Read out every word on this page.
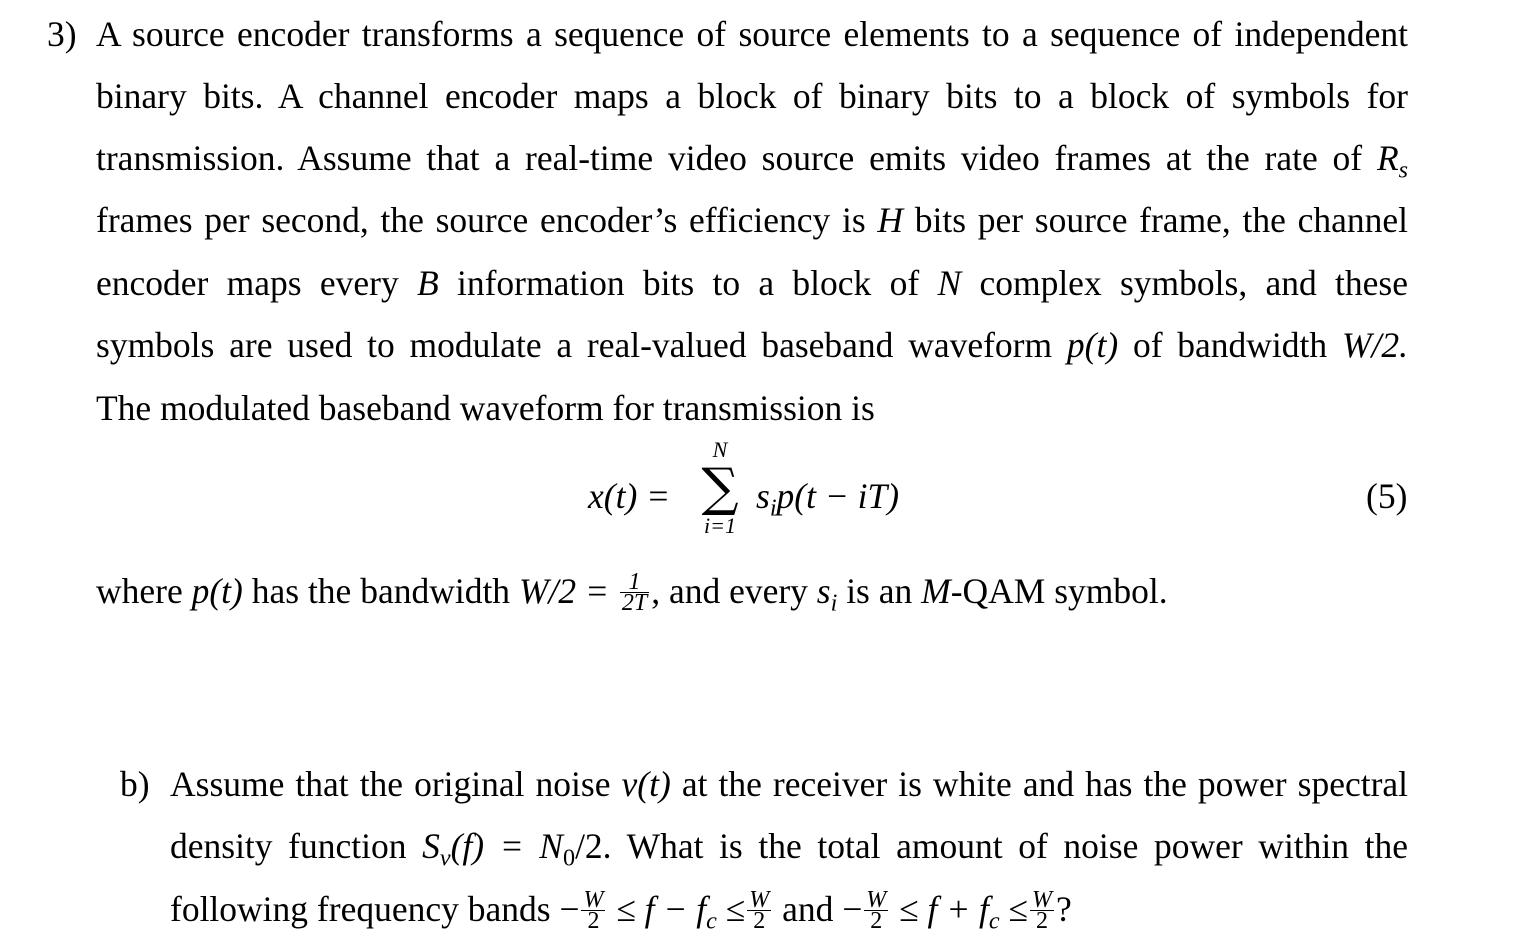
3) A source encoder transforms a sequence of source elements to a sequence of independent
binary bits. A channel encoder maps a block of binary bits to a block of symbols for
transmission. Assume that a real-time video source emits video frames at the rate of $R_s$
frames per second, the source encoder’s efficiency is H bits per source frame, the channel
encoder maps every B information bits to a block of N complex symbols, and these
symbols are used to modulate a real-valued baseband waveform p(t) of bandwidth W/2.
The modulated baseband waveform for transmission is
x(t) =
N
∑
i=1
$s_ip(t - iT)$	(5)
where p(t) has the bandwidth $W/2 = \frac{1}{2T}$ , and every $s_i$ is an M-QAM symbol.
b) Assume that the original noise v(t) at the receiver is white and has the power spectral
density function $S_v(f) = N_0/2$. What is the total amount of noise power within the
following frequency bands − $\frac{W}{2} \le f - f_c \le \frac{W}{2}$ and − $\frac{W}{2} \le f + f_c \le \frac{W}{2}$ ?
